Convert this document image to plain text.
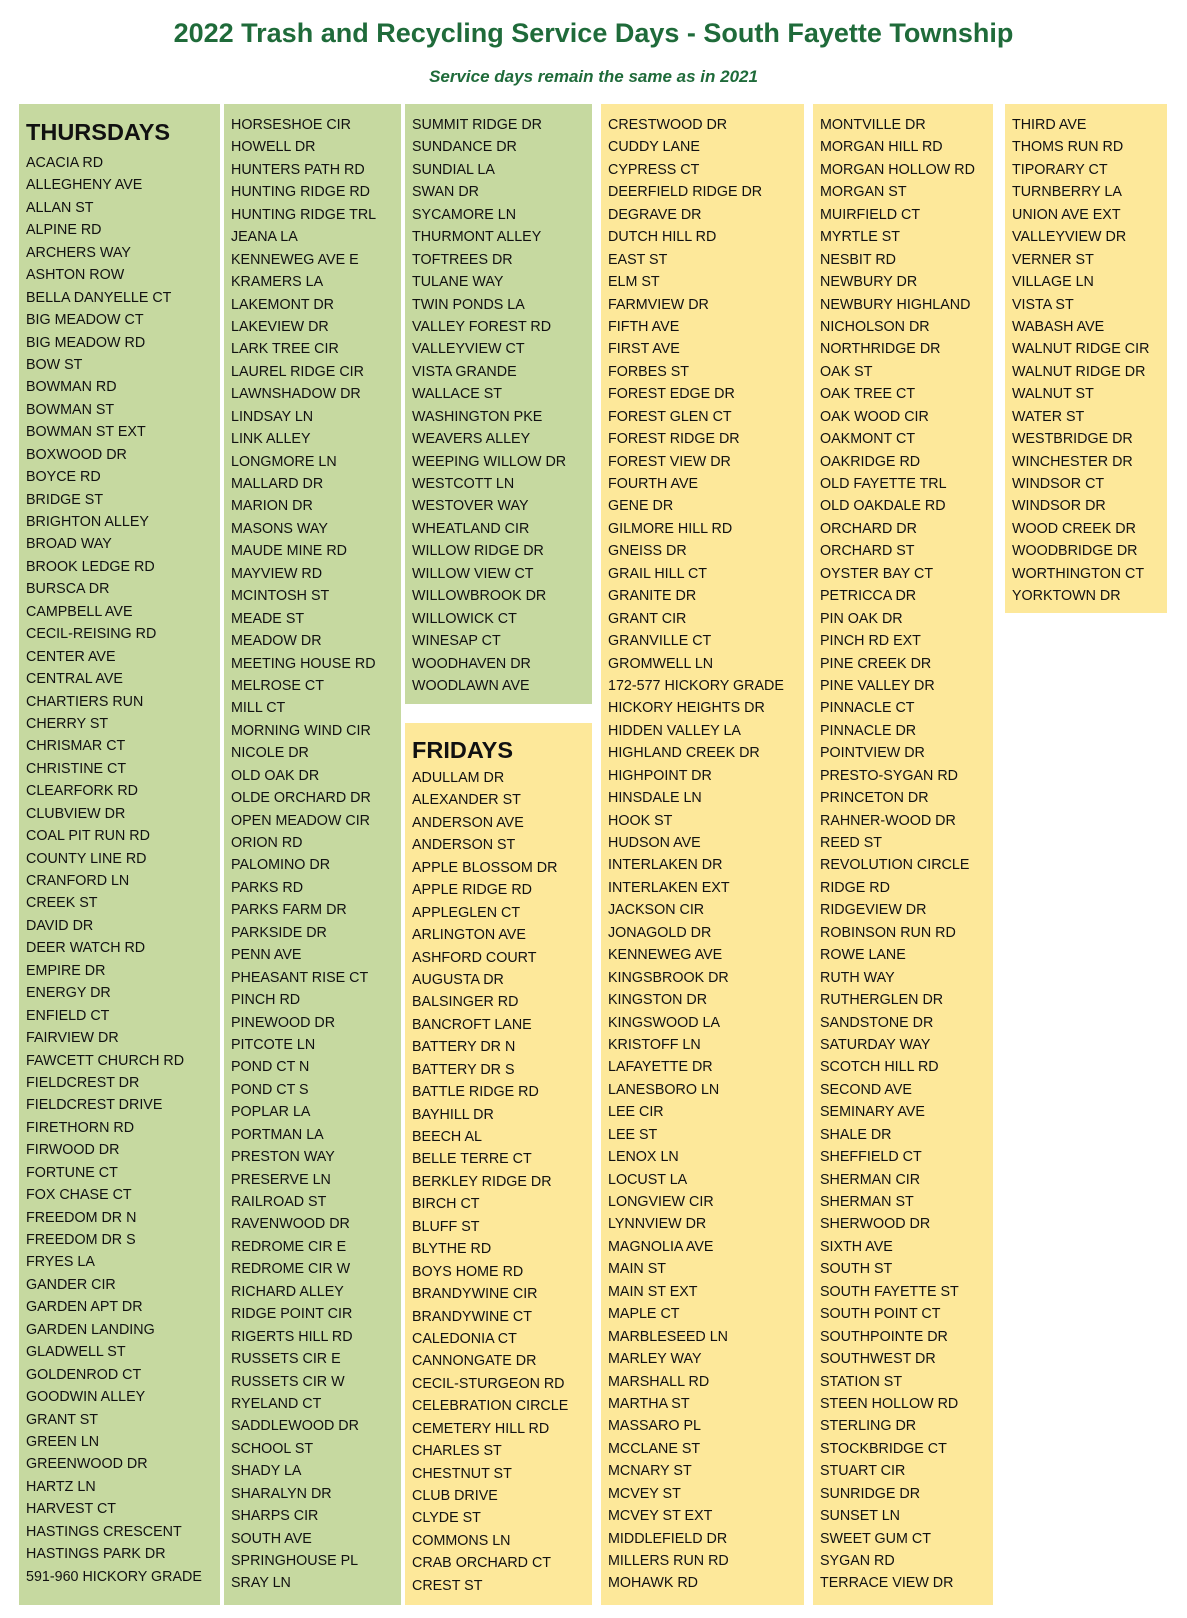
2022 Trash and Recycling Service Days - South Fayette Township

Service days remain the same as in 2021

THURSDAYS
ACACIA RD
ALLEGHENY AVE
ALLAN ST
ALPINE RD
ARCHERS WAY
ASHTON ROW
BELLA DANYELLE CT
BIG MEADOW CT
BIG MEADOW RD
BOW ST
BOWMAN RD
BOWMAN ST
BOWMAN ST EXT
BOXWOOD DR
BOYCE RD
BRIDGE ST
BRIGHTON ALLEY
BROAD WAY
BROOK LEDGE RD
BURSCA DR
CAMPBELL AVE
CECIL-REISING RD
CENTER AVE
CENTRAL AVE
CHARTIERS RUN
CHERRY ST
CHRISMAR CT
CHRISTINE CT
CLEARFORK RD
CLUBVIEW DR
COAL PIT RUN RD
COUNTY LINE RD
CRANFORD LN
CREEK ST
DAVID DR
DEER WATCH RD
EMPIRE DR
ENERGY DR
ENFIELD CT
FAIRVIEW DR
FAWCETT CHURCH RD
FIELDCREST DR
FIELDCREST DRIVE
FIRETHORN RD
FIRWOOD DR
FORTUNE CT
FOX CHASE CT
FREEDOM DR N
FREEDOM DR S
FRYES LA
GANDER CIR
GARDEN APT DR
GARDEN LANDING
GLADWELL ST
GOLDENROD CT
GOODWIN ALLEY
GRANT ST
GREEN LN
GREENWOOD DR
HARTZ LN
HARVEST CT
HASTINGS CRESCENT
HASTINGS PARK DR
591-960 HICKORY GRADE
HORSESHOE CIR
HOWELL DR
HUNTERS PATH RD
HUNTING RIDGE RD
HUNTING RIDGE TRL
JEANA LA
KENNEWEG AVE E
KRAMERS LA
LAKEMONT DR
LAKEVIEW DR
LARK TREE CIR
LAUREL RIDGE CIR
LAWNSHADOW DR
LINDSAY LN
LINK ALLEY
LONGMORE LN
MALLARD DR
MARION DR
MASONS WAY
MAUDE MINE RD
MAYVIEW RD
MCINTOSH ST
MEADE ST
MEADOW DR
MEETING HOUSE RD
MELROSE CT
MILL CT
MORNING WIND CIR
NICOLE DR
OLD OAK DR
OLDE ORCHARD DR
OPEN MEADOW CIR
ORION RD
PALOMINO DR
PARKS RD
PARKS FARM DR
PARKSIDE DR
PENN AVE
PHEASANT RISE CT
PINCH RD
PINEWOOD DR
PITCOTE LN
POND CT N
POND CT S
POPLAR LA
PORTMAN LA
PRESTON WAY
PRESERVE LN
RAILROAD ST
RAVENWOOD DR
REDROME CIR E
REDROME CIR W
RICHARD ALLEY
RIDGE POINT CIR
RIGERTS HILL RD
RUSSETS CIR E
RUSSETS CIR W
RYELAND CT
SADDLEWOOD DR
SCHOOL ST
SHADY LA
SHARALYN DR
SHARPS CIR
SOUTH AVE
SPRINGHOUSE PL
SRAY LN
SUMMIT RIDGE DR
SUNDANCE DR
SUNDIAL LA
SWAN DR
SYCAMORE LN
THURMONT ALLEY
TOFTREES DR
TULANE WAY
TWIN PONDS LA
VALLEY FOREST RD
VALLEYVIEW CT
VISTA GRANDE
WALLACE ST
WASHINGTON PKE
WEAVERS ALLEY
WEEPING WILLOW DR
WESTCOTT LN
WESTOVER WAY
WHEATLAND CIR
WILLOW RIDGE DR
WILLOW VIEW CT
WILLOWBROOK DR
WILLOWICK CT
WINESAP CT
WOODHAVEN DR
WOODLAWN AVE
FRIDAYS
ADULLAM DR
ALEXANDER ST
ANDERSON AVE
ANDERSON ST
APPLE BLOSSOM DR
APPLE RIDGE RD
APPLEGLEN CT
ARLINGTON AVE
ASHFORD COURT
AUGUSTA DR
BALSINGER RD
BANCROFT LANE
BATTERY DR N
BATTERY DR S
BATTLE RIDGE RD
BAYHILL DR
BEECH AL
BELLE TERRE CT
BERKLEY RIDGE DR
BIRCH CT
BLUFF ST
BLYTHE RD
BOYS HOME RD
BRANDYWINE CIR
BRANDYWINE CT
CALEDONIA CT
CANNONGATE DR
CECIL-STURGEON RD
CELEBRATION CIRCLE
CEMETERY HILL RD
CHARLES ST
CHESTNUT ST
CLUB DRIVE
CLYDE ST
COMMONS LN
CRAB ORCHARD CT
CREST ST
CRESTWOOD DR
CUDDY LANE
CYPRESS CT
DEERFIELD RIDGE DR
DEGRAVE DR
DUTCH HILL RD
EAST ST
ELM ST
FARMVIEW DR
FIFTH AVE
FIRST AVE
FORBES ST
FOREST EDGE DR
FOREST GLEN CT
FOREST RIDGE DR
FOREST VIEW DR
FOURTH AVE
GENE DR
GILMORE HILL RD
GNEISS DR
GRAIL HILL CT
GRANITE DR
GRANT CIR
GRANVILLE CT
GROMWELL LN
172-577 HICKORY GRADE
HICKORY HEIGHTS DR
HIDDEN VALLEY LA
HIGHLAND CREEK DR
HIGHPOINT DR
HINSDALE LN
HOOK ST
HUDSON AVE
INTERLAKEN DR
INTERLAKEN EXT
JACKSON CIR
JONAGOLD DR
KENNEWEG AVE
KINGSBROOK DR
KINGSTON DR
KINGSWOOD LA
KRISTOFF LN
LAFAYETTE DR
LANESBORO LN
LEE CIR
LEE ST
LENOX LN
LOCUST LA
LONGVIEW CIR
LYNNVIEW DR
MAGNOLIA AVE
MAIN ST
MAIN ST EXT
MAPLE CT
MARBLESEED LN
MARLEY WAY
MARSHALL RD
MARTHA ST
MASSARO PL
MCCLANE ST
MCNARY ST
MCVEY ST
MCVEY ST EXT
MIDDLEFIELD DR
MILLERS RUN RD
MOHAWK RD
MONTVILLE DR
MORGAN HILL RD
MORGAN HOLLOW RD
MORGAN ST
MUIRFIELD CT
MYRTLE ST
NESBIT RD
NEWBURY DR
NEWBURY HIGHLAND
NICHOLSON DR
NORTHRIDGE DR
OAK ST
OAK TREE CT
OAK WOOD CIR
OAKMONT CT
OAKRIDGE RD
OLD FAYETTE TRL
OLD OAKDALE RD
ORCHARD DR
ORCHARD ST
OYSTER BAY CT
PETRICCA DR
PIN OAK DR
PINCH RD EXT
PINE CREEK DR
PINE VALLEY DR
PINNACLE CT
PINNACLE DR
POINTVIEW DR
PRESTO-SYGAN RD
PRINCETON DR
RAHNER-WOOD DR
REED ST
REVOLUTION CIRCLE
RIDGE RD
RIDGEVIEW DR
ROBINSON RUN RD
ROWE LANE
RUTH WAY
RUTHERGLEN DR
SANDSTONE DR
SATURDAY WAY
SCOTCH HILL RD
SECOND AVE
SEMINARY AVE
SHALE DR
SHEFFIELD CT
SHERMAN CIR
SHERMAN ST
SHERWOOD DR
SIXTH AVE
SOUTH ST
SOUTH FAYETTE ST
SOUTH POINT CT
SOUTHPOINTE DR
SOUTHWEST DR
STATION ST
STEEN HOLLOW RD
STERLING DR
STOCKBRIDGE CT
STUART CIR
SUNRIDGE DR
SUNSET LN
SWEET GUM CT
SYGAN RD
TERRACE VIEW DR
THIRD AVE
THOMS RUN RD
TIPORARY CT
TURNBERRY LA
UNION AVE EXT
VALLEYVIEW DR
VERNER ST
VILLAGE LN
VISTA ST
WABASH AVE
WALNUT RIDGE CIR
WALNUT RIDGE DR
WALNUT ST
WATER ST
WESTBRIDGE DR
WINCHESTER DR
WINDSOR CT
WINDSOR DR
WOOD CREEK DR
WOODBRIDGE DR
WORTHINGTON CT
YORKTOWN DR
